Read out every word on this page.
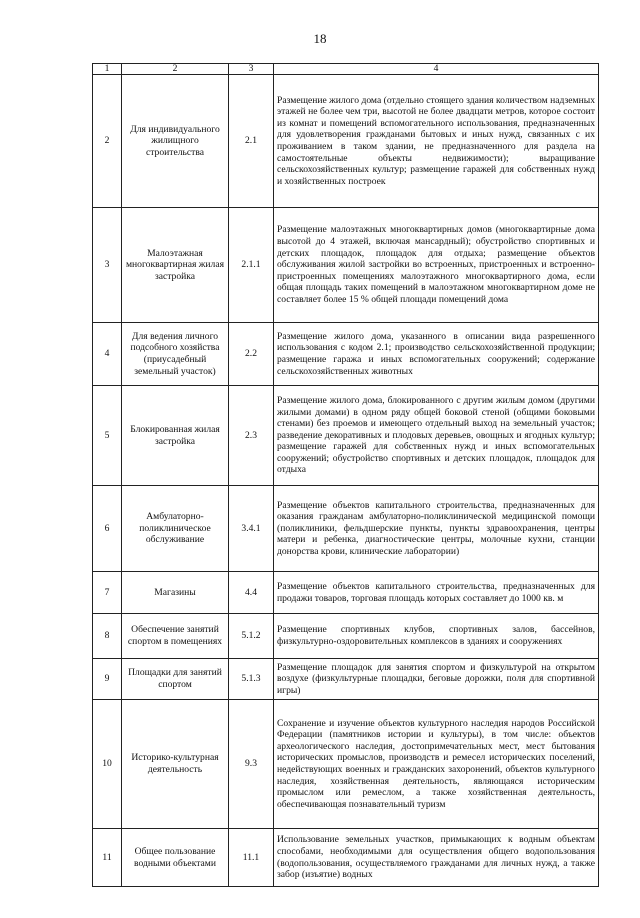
18
1	2	3	4
2	Для индивидуального жилищного строительства	2.1	Размещение жилого дома (отдельно стоящего здания количеством надземных этажей не более чем три, высотой не более двадцати метров, которое состоит из комнат и помещений вспомогательного использования, предназначенных для удовлетворения гражданами бытовых и иных нужд, связанных с их проживанием в таком здании, не предназначенного для раздела на самостоятельные объекты недвижимости); выращивание сельскохозяйственных культур; размещение гаражей для собственных нужд и хозяйственных построек
3	Малоэтажная многоквартирная жилая застройка	2.1.1	Размещение малоэтажных многоквартирных домов (многоквартирные дома высотой до 4 этажей, включая мансардный); обустройство спортивных и детских площадок, площадок для отдыха; размещение объектов обслуживания жилой застройки во встроенных, пристроенных и встроенно-пристроенных помещениях малоэтажного многоквартирного дома, если общая площадь таких помещений в малоэтажном многоквартирном доме не составляет более 15 % общей площади помещений дома
4	Для ведения личного подсобного хозяйства (приусадебный земельный участок)	2.2	Размещение жилого дома, указанного в описании вида разрешенного использования с кодом 2.1; производство сельскохозяйственной продукции; размещение гаража и иных вспомогательных сооружений; содержание сельскохозяйственных животных
5	Блокированная жилая застройка	2.3	Размещение жилого дома, блокированного с другим жилым домом (другими жилыми домами) в одном ряду общей боковой стеной (общими боковыми стенами) без проемов и имеющего отдельный выход на земельный участок; разведение декоративных и плодовых деревьев, овощных и ягодных культур; размещение гаражей для собственных нужд и иных вспомогательных сооружений; обустройство спортивных и детских площадок, площадок для отдыха
6	Амбулаторно-поликлиническое обслуживание	3.4.1	Размещение объектов капитального строительства, предназначенных для оказания гражданам амбулаторно-поликлинической медицинской помощи (поликлиники, фельдшерские пункты, пункты здравоохранения, центры матери и ребенка, диагностические центры, молочные кухни, станции донорства крови, клинические лаборатории)
7	Магазины	4.4	Размещение объектов капитального строительства, предназначенных для продажи товаров, торговая площадь которых составляет до 1000 кв. м
8	Обеспечение занятий спортом в помещениях	5.1.2	Размещение спортивных клубов, спортивных залов, бассейнов, физкультурно-оздоровительных комплексов в зданиях и сооружениях
9	Площадки для занятий спортом	5.1.3	Размещение площадок для занятия спортом и физкультурой на открытом воздухе (физкультурные площадки, беговые дорожки, поля для спортивной игры)
10	Историко-культурная деятельность	9.3	Сохранение и изучение объектов культурного наследия народов Российской Федерации (памятников истории и культуры), в том числе: объектов археологического наследия, достопримечательных мест, мест бытования исторических промыслов, производств и ремесел исторических поселений, недействующих военных и гражданских захоронений, объектов культурного наследия, хозяйственная деятельность, являющаяся историческим промыслом или ремеслом, а также хозяйственная деятельность, обеспечивающая познавательный туризм
11	Общее пользование водными объектами	11.1	Использование земельных участков, примыкающих к водным объектам способами, необходимыми для осуществления общего водопользования (водопользования, осуществляемого гражданами для личных нужд, а также забор (изъятие) водных
